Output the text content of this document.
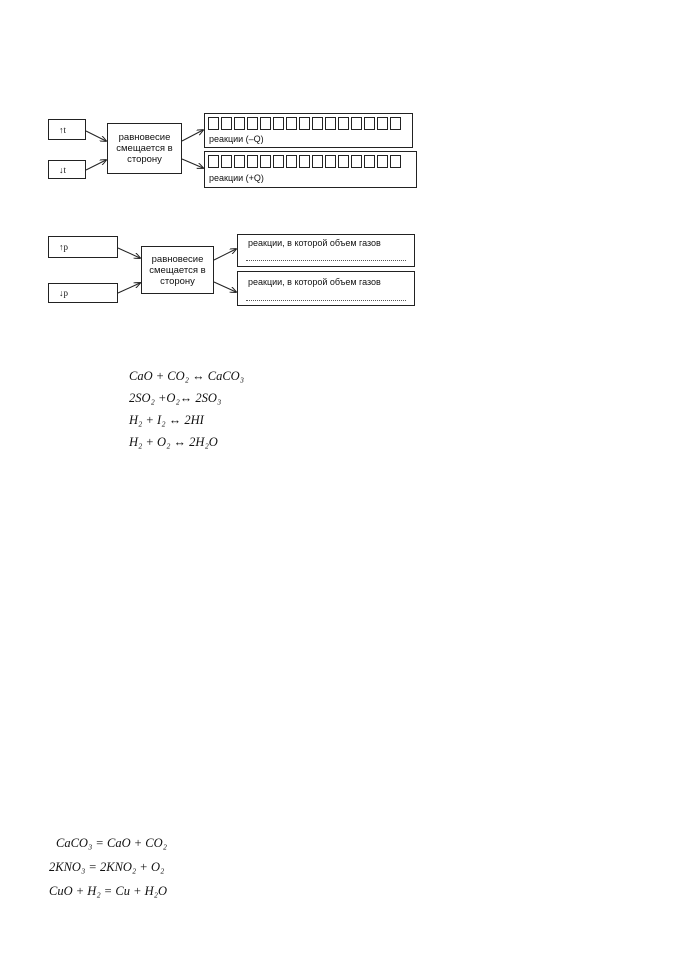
↑t
↓t
равновесие смещается в сторону
реакции (–Q)
реакции (+Q)
↑p
↓p
равновесие смещается в сторону
реакции, в которой объем газов
реакции, в которой объем газов
CaO + CO₂ ↔ CaCO₃
2SO₂ +O₂↔ 2SO₃
H₂ + I₂ ↔ 2HI
H₂ + O₂ ↔ 2H₂O
CaCO₃ = CaO + CO₂
2KNO₃ = 2KNO₂ + O₂
CuO + H₂ = Cu + H₂O
